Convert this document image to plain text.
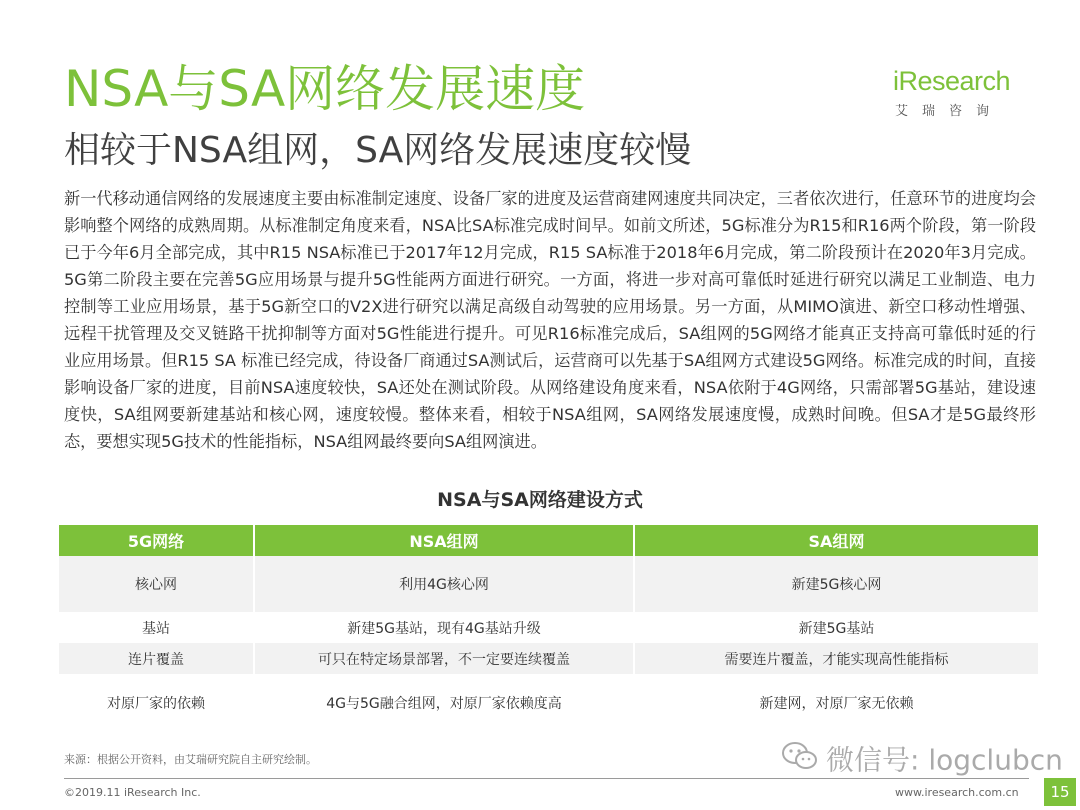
NSA与SA网络发展速度
相较于NSA组网，SA网络发展速度较慢
iResearch
艾瑞咨询
新一代移动通信网络的发展速度主要由标准制定速度、设备厂家的进度及运营商建网速度共同决定，三者依次进行，任意环节的进度均会影响整个网络的成熟周期。从标准制定角度来看，NSA比SA标准完成时间早。如前文所述，5G标准分为R15和R16两个阶段，第一阶段已于今年6月全部完成，其中R15 NSA标准已于2017年12月完成，R15 SA标准于2018年6月完成，第二阶段预计在2020年3月完成。5G第二阶段主要在完善5G应用场景与提升5G性能两方面进行研究。一方面，将进一步对高可靠低时延进行研究以满足工业制造、电力控制等工业应用场景，基于5G新空口的V2X进行研究以满足高级自动驾驶的应用场景。另一方面，从MIMO演进、新空口移动性增强、远程干扰管理及交叉链路干扰抑制等方面对5G性能进行提升。可见R16标准完成后，SA组网的5G网络才能真正支持高可靠低时延的行业应用场景。但R15 SA 标准已经完成，待设备厂商通过SA测试后，运营商可以先基于SA组网方式建设5G网络。标准完成的时间，直接影响设备厂家的进度，目前NSA速度较快，SA还处在测试阶段。从网络建设角度来看，NSA依附于4G网络，只需部署5G基站，建设速度快，SA组网要新建基站和核心网，速度较慢。整体来看，相较于NSA组网，SA网络发展速度慢，成熟时间晚。但SA才是5G最终形态，要想实现5G技术的性能指标，NSA组网最终要向SA组网演进。
NSA与SA网络建设方式
5G网络	NSA组网	SA组网
核心网	利用4G核心网	新建5G核心网
基站	新建5G基站，现有4G基站升级	新建5G基站
连片覆盖	可只在特定场景部署，不一定要连续覆盖	需要连片覆盖，才能实现高性能指标
对原厂家的依赖	4G与5G融合组网，对原厂家依赖度高	新建网，对原厂家无依赖
来源：根据公开资料，由艾瑞研究院自主研究绘制。	微信号: logclubcn
©2019.11 iResearch Inc.	www.iresearch.com.cn	15
